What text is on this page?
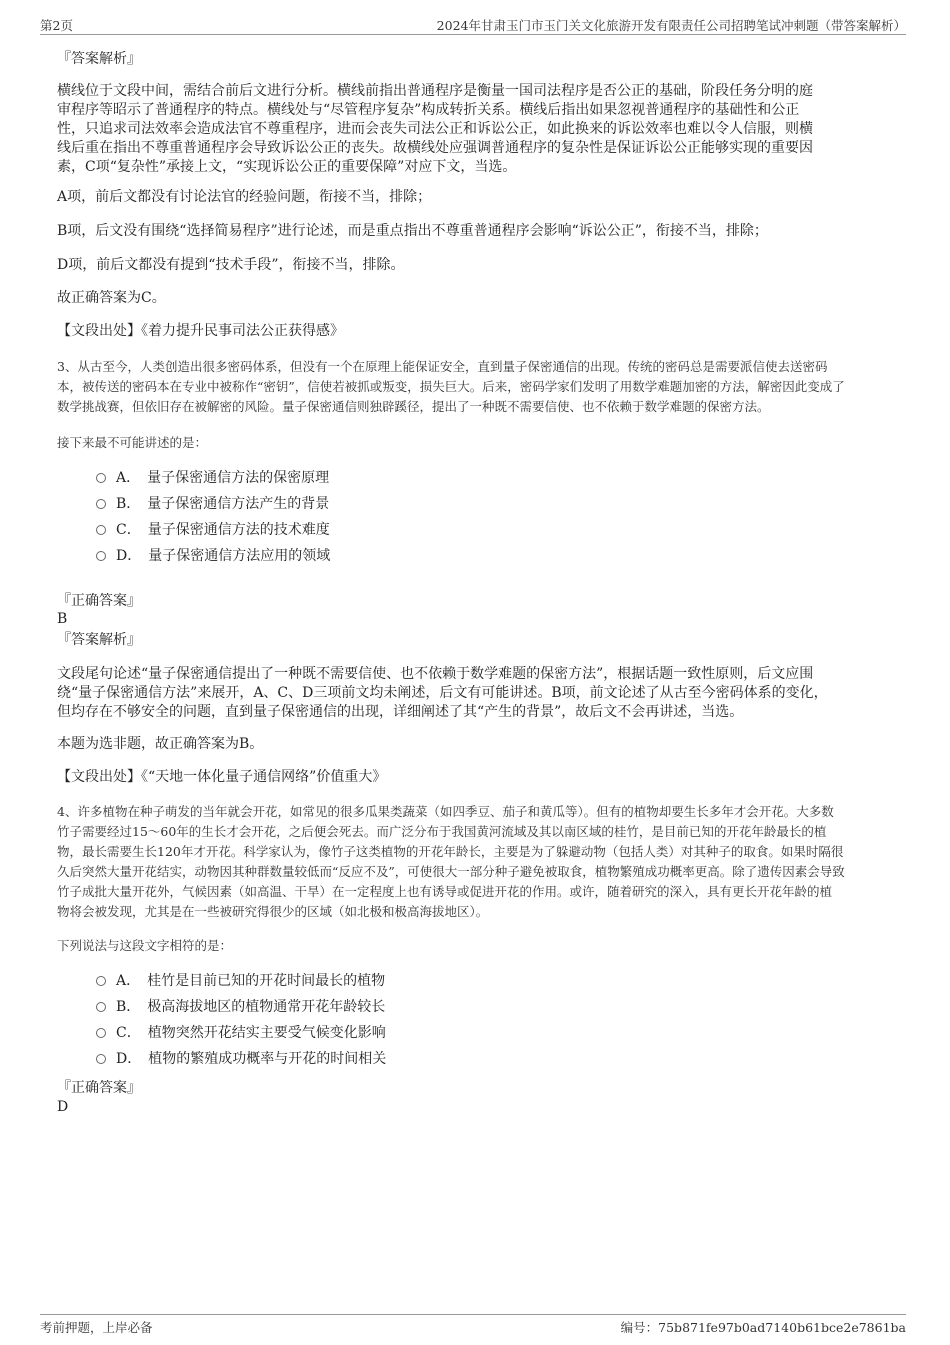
第2页	2024年甘肃玉门市玉门关文化旅游开发有限责任公司招聘笔试冲刺题（带答案解析）

『答案解析』

横线位于文段中间，需结合前后文进行分析。横线前指出普通程序是衡量一国司法程序是否公正的基础，阶段任务分明的庭

审程序等昭示了普通程序的特点。横线处与“尽管程序复杂”构成转折关系。横线后指出如果忽视普通程序的基础性和公正

性，只追求司法效率会造成法官不尊重程序，进而会丧失司法公正和诉讼公正，如此换来的诉讼效率也难以令人信服，则横

线后重在指出不尊重普通程序会导致诉讼公正的丧失。故横线处应强调普通程序的复杂性是保证诉讼公正能够实现的重要因

素，C项“复杂性”承接上文，“实现诉讼公正的重要保障”对应下文，当选。

A项，前后文都没有讨论法官的经验问题，衔接不当，排除；

B项，后文没有围绕“选择简易程序”进行论述，而是重点指出不尊重普通程序会影响“诉讼公正”，衔接不当，排除；

D项，前后文都没有提到“技术手段”，衔接不当，排除。

故正确答案为C。

【文段出处】《着力提升民事司法公正获得感》

3、从古至今，人类创造出很多密码体系，但没有一个在原理上能保证安全，直到量子保密通信的出现。传统的密码总是需要派信使去送密码

本，被传送的密码本在专业中被称作“密钥”，信使若被抓或叛变，损失巨大。后来，密码学家们发明了用数学难题加密的方法，解密因此变成了

数学挑战赛，但依旧存在被解密的风险。量子保密通信则独辟蹊径，提出了一种既不需要信使、也不依赖于数学难题的保密方法。

接下来最不可能讲述的是：

A．　量子保密通信方法的保密原理
B．　量子保密通信方法产生的背景
C．　量子保密通信方法的技术难度
D．　量子保密通信方法应用的领域

『正确答案』

B

『答案解析』

文段尾句论述“量子保密通信提出了一种既不需要信使、也不依赖于数学难题的保密方法”，根据话题一致性原则，后文应围

绕“量子保密通信方法”来展开，A、C、D三项前文均未阐述，后文有可能讲述。B项，前文论述了从古至今密码体系的变化，

但均存在不够安全的问题，直到量子保密通信的出现，详细阐述了其“产生的背景”，故后文不会再讲述，当选。

本题为选非题，故正确答案为B。

【文段出处】《“天地一体化量子通信网络”价值重大》

4、许多植物在种子萌发的当年就会开花，如常见的很多瓜果类蔬菜（如四季豆、茄子和黄瓜等）。但有的植物却要生长多年才会开花。大多数

竹子需要经过15～60年的生长才会开花，之后便会死去。而广泛分布于我国黄河流域及其以南区域的桂竹，是目前已知的开花年龄最长的植

物，最长需要生长120年才开花。科学家认为，像竹子这类植物的开花年龄长，主要是为了躲避动物（包括人类）对其种子的取食。如果时隔很

久后突然大量开花结实，动物因其种群数量较低而“反应不及”，可使很大一部分种子避免被取食，植物繁殖成功概率更高。除了遗传因素会导致

竹子成批大量开花外，气候因素（如高温、干旱）在一定程度上也有诱导或促进开花的作用。或许，随着研究的深入，具有更长开花年龄的植

物将会被发现，尤其是在一些被研究得很少的区域（如北极和极高海拔地区）。

下列说法与这段文字相符的是：

A．　桂竹是目前已知的开花时间最长的植物
B．　极高海拔地区的植物通常开花年龄较长
C．　植物突然开花结实主要受气候变化影响
D．　植物的繁殖成功概率与开花的时间相关

『正确答案』

D

考前押题，上岸必备	编号：75b871fe97b0ad7140b61bce2e7861ba
